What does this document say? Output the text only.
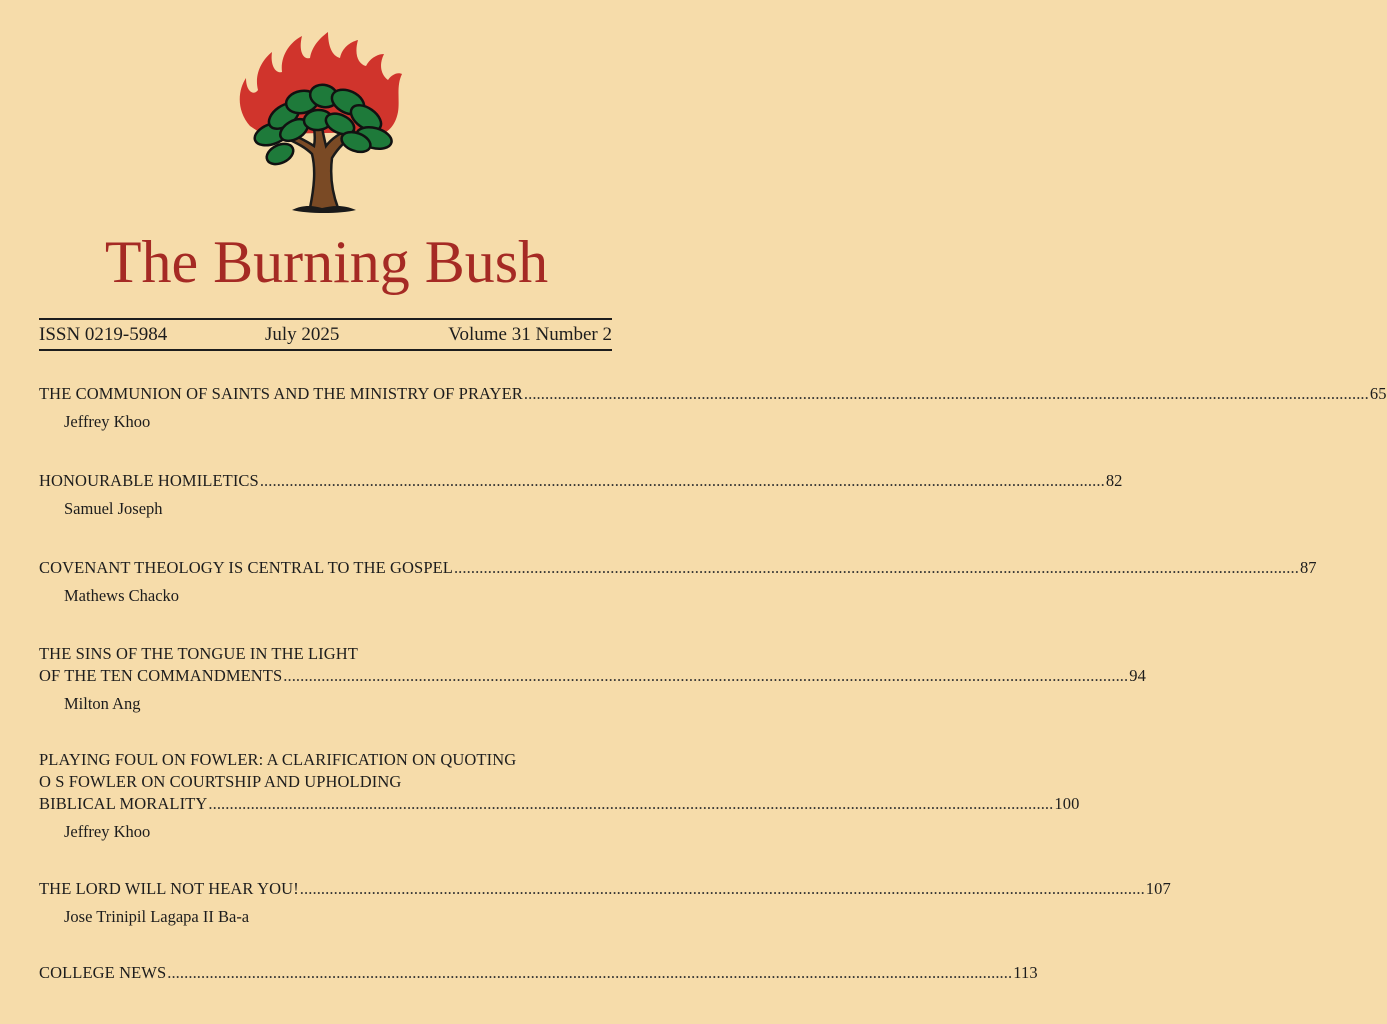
The Burning Bush
ISSN 0219-5984	July 2025	Volume 31 Number 2
THE COMMUNION OF SAINTS AND THE MINISTRY OF PRAYER ........................................................................................................................................................................................................ 65
Jeffrey Khoo
HONOURABLE HOMILETICS ........................................................................................................................................................................................................ 82
Samuel Joseph
COVENANT THEOLOGY IS CENTRAL TO THE GOSPEL ........................................................................................................................................................................................................ 87
Mathews Chacko
THE SINS OF THE TONGUE IN THE LIGHT
OF THE TEN COMMANDMENTS ........................................................................................................................................................................................................ 94
Milton Ang
PLAYING FOUL ON FOWLER: A CLARIFICATION ON QUOTING
O S FOWLER ON COURTSHIP AND UPHOLDING
BIBLICAL MORALITY ........................................................................................................................................................................................................ 100
Jeffrey Khoo
THE LORD WILL NOT HEAR YOU! ........................................................................................................................................................................................................ 107
Jose Trinipil Lagapa II Ba-a
COLLEGE NEWS ........................................................................................................................................................................................................ 113
